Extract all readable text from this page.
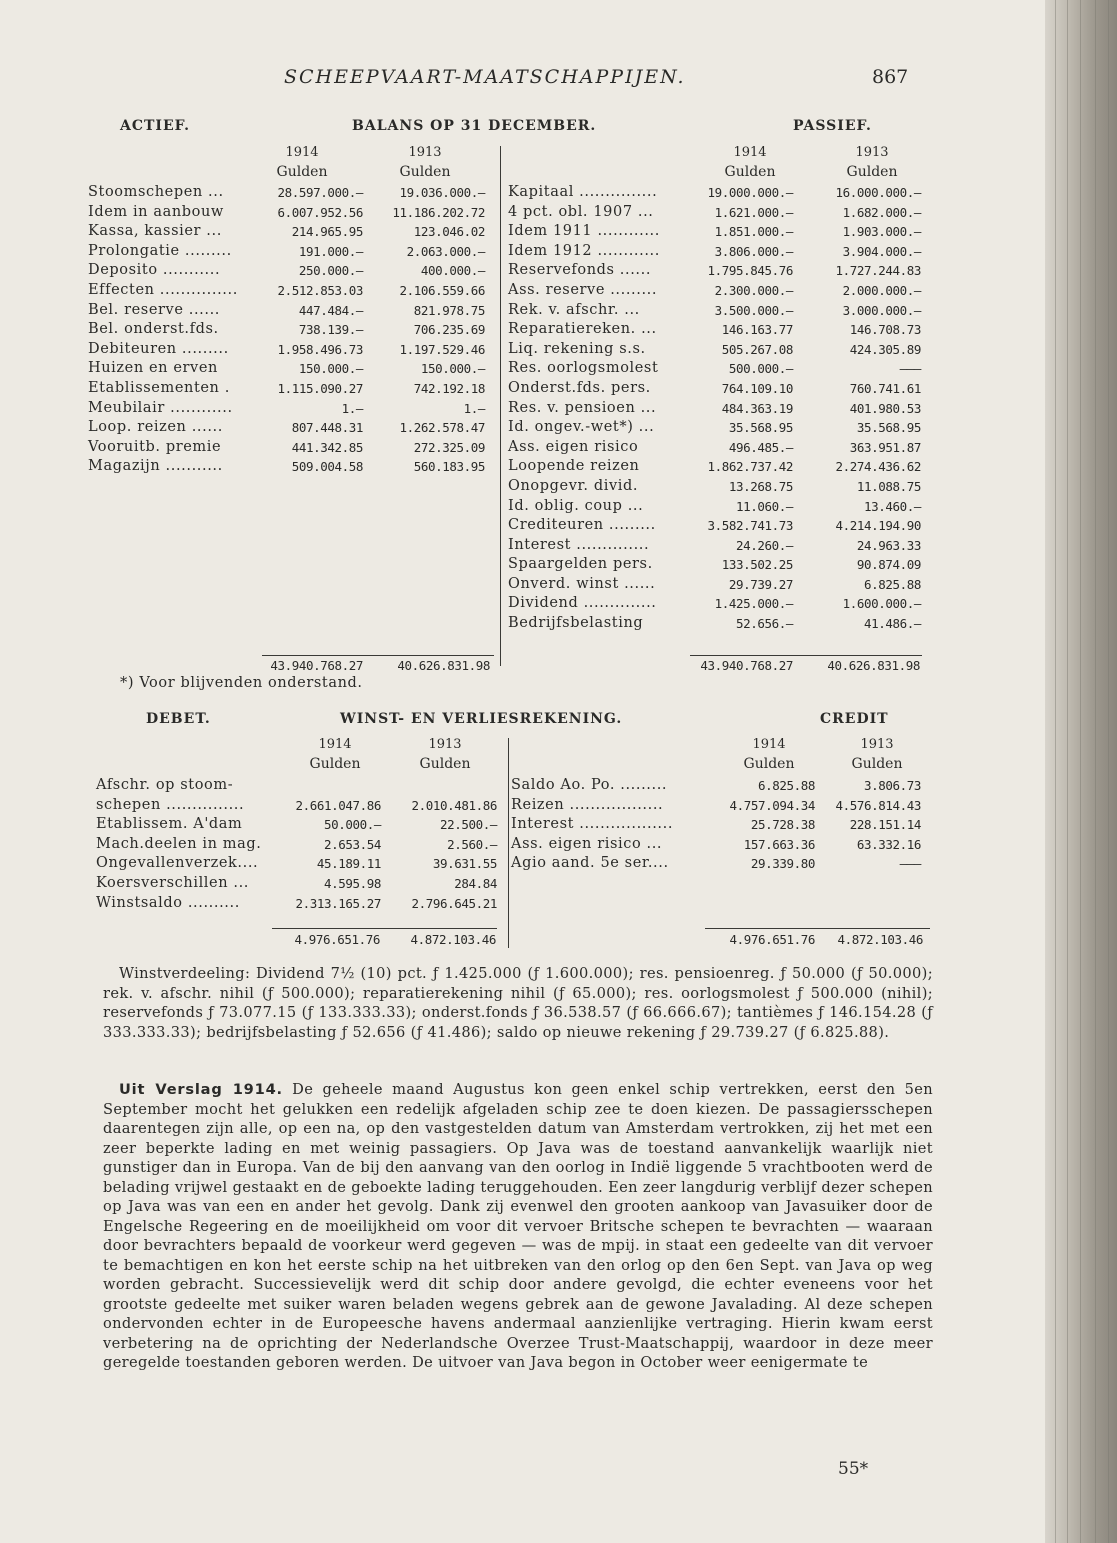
SCHEEPVAART-MAATSCHAPPIJEN.	867
ACTIEF.	BALANS OP 31 DECEMBER.	PASSIEF.
1914	1913
Gulden	Gulden
1914	1913
Gulden	Gulden
Stoomschepen ...	28.597.000.—	19.036.000.—
Idem in aanbouw	6.007.952.56	11.186.202.72
Kassa, kassier ...	214.965.95	123.046.02
Prolongatie .........	191.000.—	2.063.000.—
Deposito ...........	250.000.—	400.000.—
Effecten ...............	2.512.853.03	2.106.559.66
Bel. reserve ......	447.484.—	821.978.75
Bel. onderst.fds.	738.139.—	706.235.69
Debiteuren .........	1.958.496.73	1.197.529.46
Huizen en erven	150.000.—	150.000.—
Etablissementen .	1.115.090.27	742.192.18
Meubilair ............	1.—	1.—
Loop. reizen ......	807.448.31	1.262.578.47
Vooruitb. premie	441.342.85	272.325.09
Magazijn ...........	509.004.58	560.183.95
Kapitaal ...............	19.000.000.—	16.000.000.—
4 pct. obl. 1907 ...	1.621.000.—	1.682.000.—
Idem 1911 ............	1.851.000.—	1.903.000.—
Idem 1912 ............	3.806.000.—	3.904.000.—
Reservefonds ......	1.795.845.76	1.727.244.83
Ass. reserve .........	2.300.000.—	2.000.000.—
Rek. v. afschr. ...	3.500.000.—	3.000.000.—
Reparatiereken. ...	146.163.77	146.708.73
Liq. rekening s.s.	505.267.08	424.305.89
Res. oorlogsmolest	500.000.—	———
Onderst.fds. pers.	764.109.10	760.741.61
Res. v. pensioen ...	484.363.19	401.980.53
Id. ongev.-wet*) ...	35.568.95	35.568.95
Ass. eigen risico	496.485.—	363.951.87
Loopende reizen	1.862.737.42	2.274.436.62
Onopgevr. divid.	13.268.75	11.088.75
Id. oblig. coup ...	11.060.—	13.460.—
Crediteuren .........	3.582.741.73	4.214.194.90
Interest ..............	24.260.—	24.963.33
Spaargelden pers.	133.502.25	90.874.09
Onverd. winst ......	29.739.27	6.825.88
Dividend ..............	1.425.000.—	1.600.000.—
Bedrijfsbelasting	52.656.—	41.486.—
43.940.768.27	40.626.831.98	43.940.768.27	40.626.831.98
*) Voor blijvenden onderstand.
DEBET.	WINST- EN VERLIESREKENING.	CREDIT
1914	1913
Gulden	Gulden
1914	1913
Gulden	Gulden
Afschr. op stoom-
schepen ...............	2.661.047.86	2.010.481.86
Etablissem. A'dam	50.000.—	22.500.—
Mach.deelen in mag.	2.653.54	2.560.—
Ongevallenverzek....	45.189.11	39.631.55
Koersverschillen ...	4.595.98	284.84
Winstsaldo ..........	2.313.165.27	2.796.645.21
Saldo Ao. Po. .........	6.825.88	3.806.73
Reizen ..................	4.757.094.34	4.576.814.43
Interest ..................	25.728.38	228.151.14
Ass. eigen risico ...	157.663.36	63.332.16
Agio aand. 5e ser....	29.339.80	———
4.976.651.76	4.872.103.46	4.976.651.76	4.872.103.46
Winstverdeeling: Dividend 7½ (10) pct. ƒ 1.425.000 (ƒ 1.600.000); res. pensioenreg. ƒ 50.000 (ƒ 50.000); rek. v. afschr. nihil (ƒ 500.000); reparatierekening nihil (ƒ 65.000); res. oorlogsmolest ƒ 500.000 (nihil); reservefonds ƒ 73.077.15 (ƒ 133.333.33); onderst.fonds ƒ 36.538.57 (ƒ 66.666.67); tantièmes ƒ 146.154.28 (ƒ 333.333.33); bedrijfsbelasting ƒ 52.656 (ƒ 41.486); saldo op nieuwe rekening ƒ 29.739.27 (ƒ 6.825.88).
Uit Verslag 1914. De geheele maand Augustus kon geen enkel schip vertrekken, eerst den 5en September mocht het gelukken een redelijk afgeladen schip zee te doen kiezen. De passagiersschepen daarentegen zijn alle, op een na, op den vastgestelden datum van Amsterdam vertrokken, zij het met een zeer beperkte lading en met weinig passagiers. Op Java was de toestand aanvankelijk waarlijk niet gunstiger dan in Europa. Van de bij den aanvang van den oorlog in Indië liggende 5 vrachtbooten werd de belading vrijwel gestaakt en de geboekte lading teruggehouden. Een zeer langdurig verblijf dezer schepen op Java was van een en ander het gevolg. Dank zij evenwel den grooten aankoop van Javasuiker door de Engelsche Regeering en de moeilijkheid om voor dit vervoer Britsche schepen te bevrachten — waaraan door bevrachters bepaald de voorkeur werd gegeven — was de mpij. in staat een gedeelte van dit vervoer te bemachtigen en kon het eerste schip na het uitbreken van den orlog op den 6en Sept. van Java op weg worden gebracht. Successievelijk werd dit schip door andere gevolgd, die echter eveneens voor het grootste gedeelte met suiker waren beladen wegens gebrek aan de gewone Javalading. Al deze schepen ondervonden echter in de Europeesche havens andermaal aanzienlijke vertraging. Hierin kwam eerst verbetering na de oprichting der Nederlandsche Overzee Trust-Maatschappij, waardoor in deze meer geregelde toestanden geboren werden. De uitvoer van Java begon in October weer eenigermate te
55*
